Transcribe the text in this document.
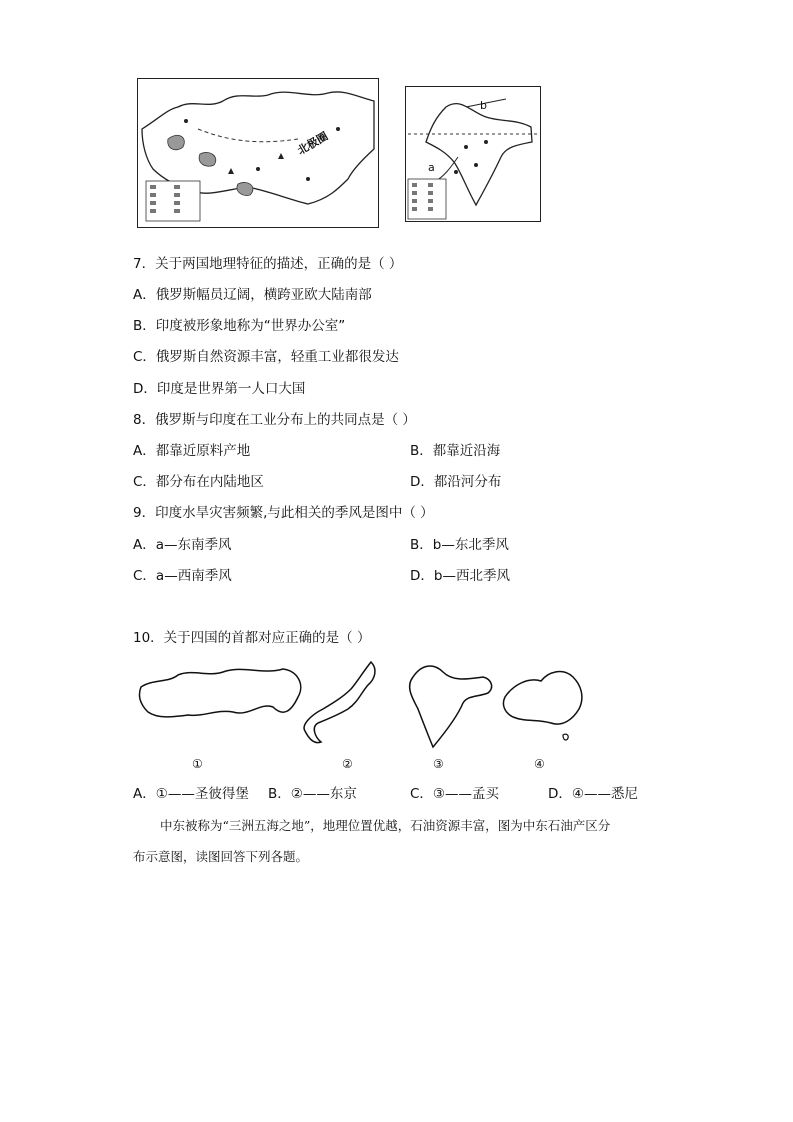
北极圈
b
a
7．关于两国地理特征的描述，正确的是（ ）
A．俄罗斯幅员辽阔，横跨亚欧大陆南部
B．印度被形象地称为“世界办公室”
C．俄罗斯自然资源丰富，轻重工业都很发达
D．印度是世界第一人口大国
8．俄罗斯与印度在工业分布上的共同点是（ ）
A．都靠近原料产地	B．都靠近沿海
C．都分布在内陆地区	D．都沿河分布
9．印度水旱灾害频繁,与此相关的季风是图中（ ）
A．a—东南季风	B．b—东北季风
C．a—西南季风	D．b—西北季风
10．关于四国的首都对应正确的是（ ）
①	②	③	④
A．①——圣彼得堡 B．②——东京	C．③——孟买	D．④——悉尼
中东被称为“三洲五海之地”，地理位置优越，石油资源丰富，图为中东石油产区分
布示意图，读图回答下列各题。
